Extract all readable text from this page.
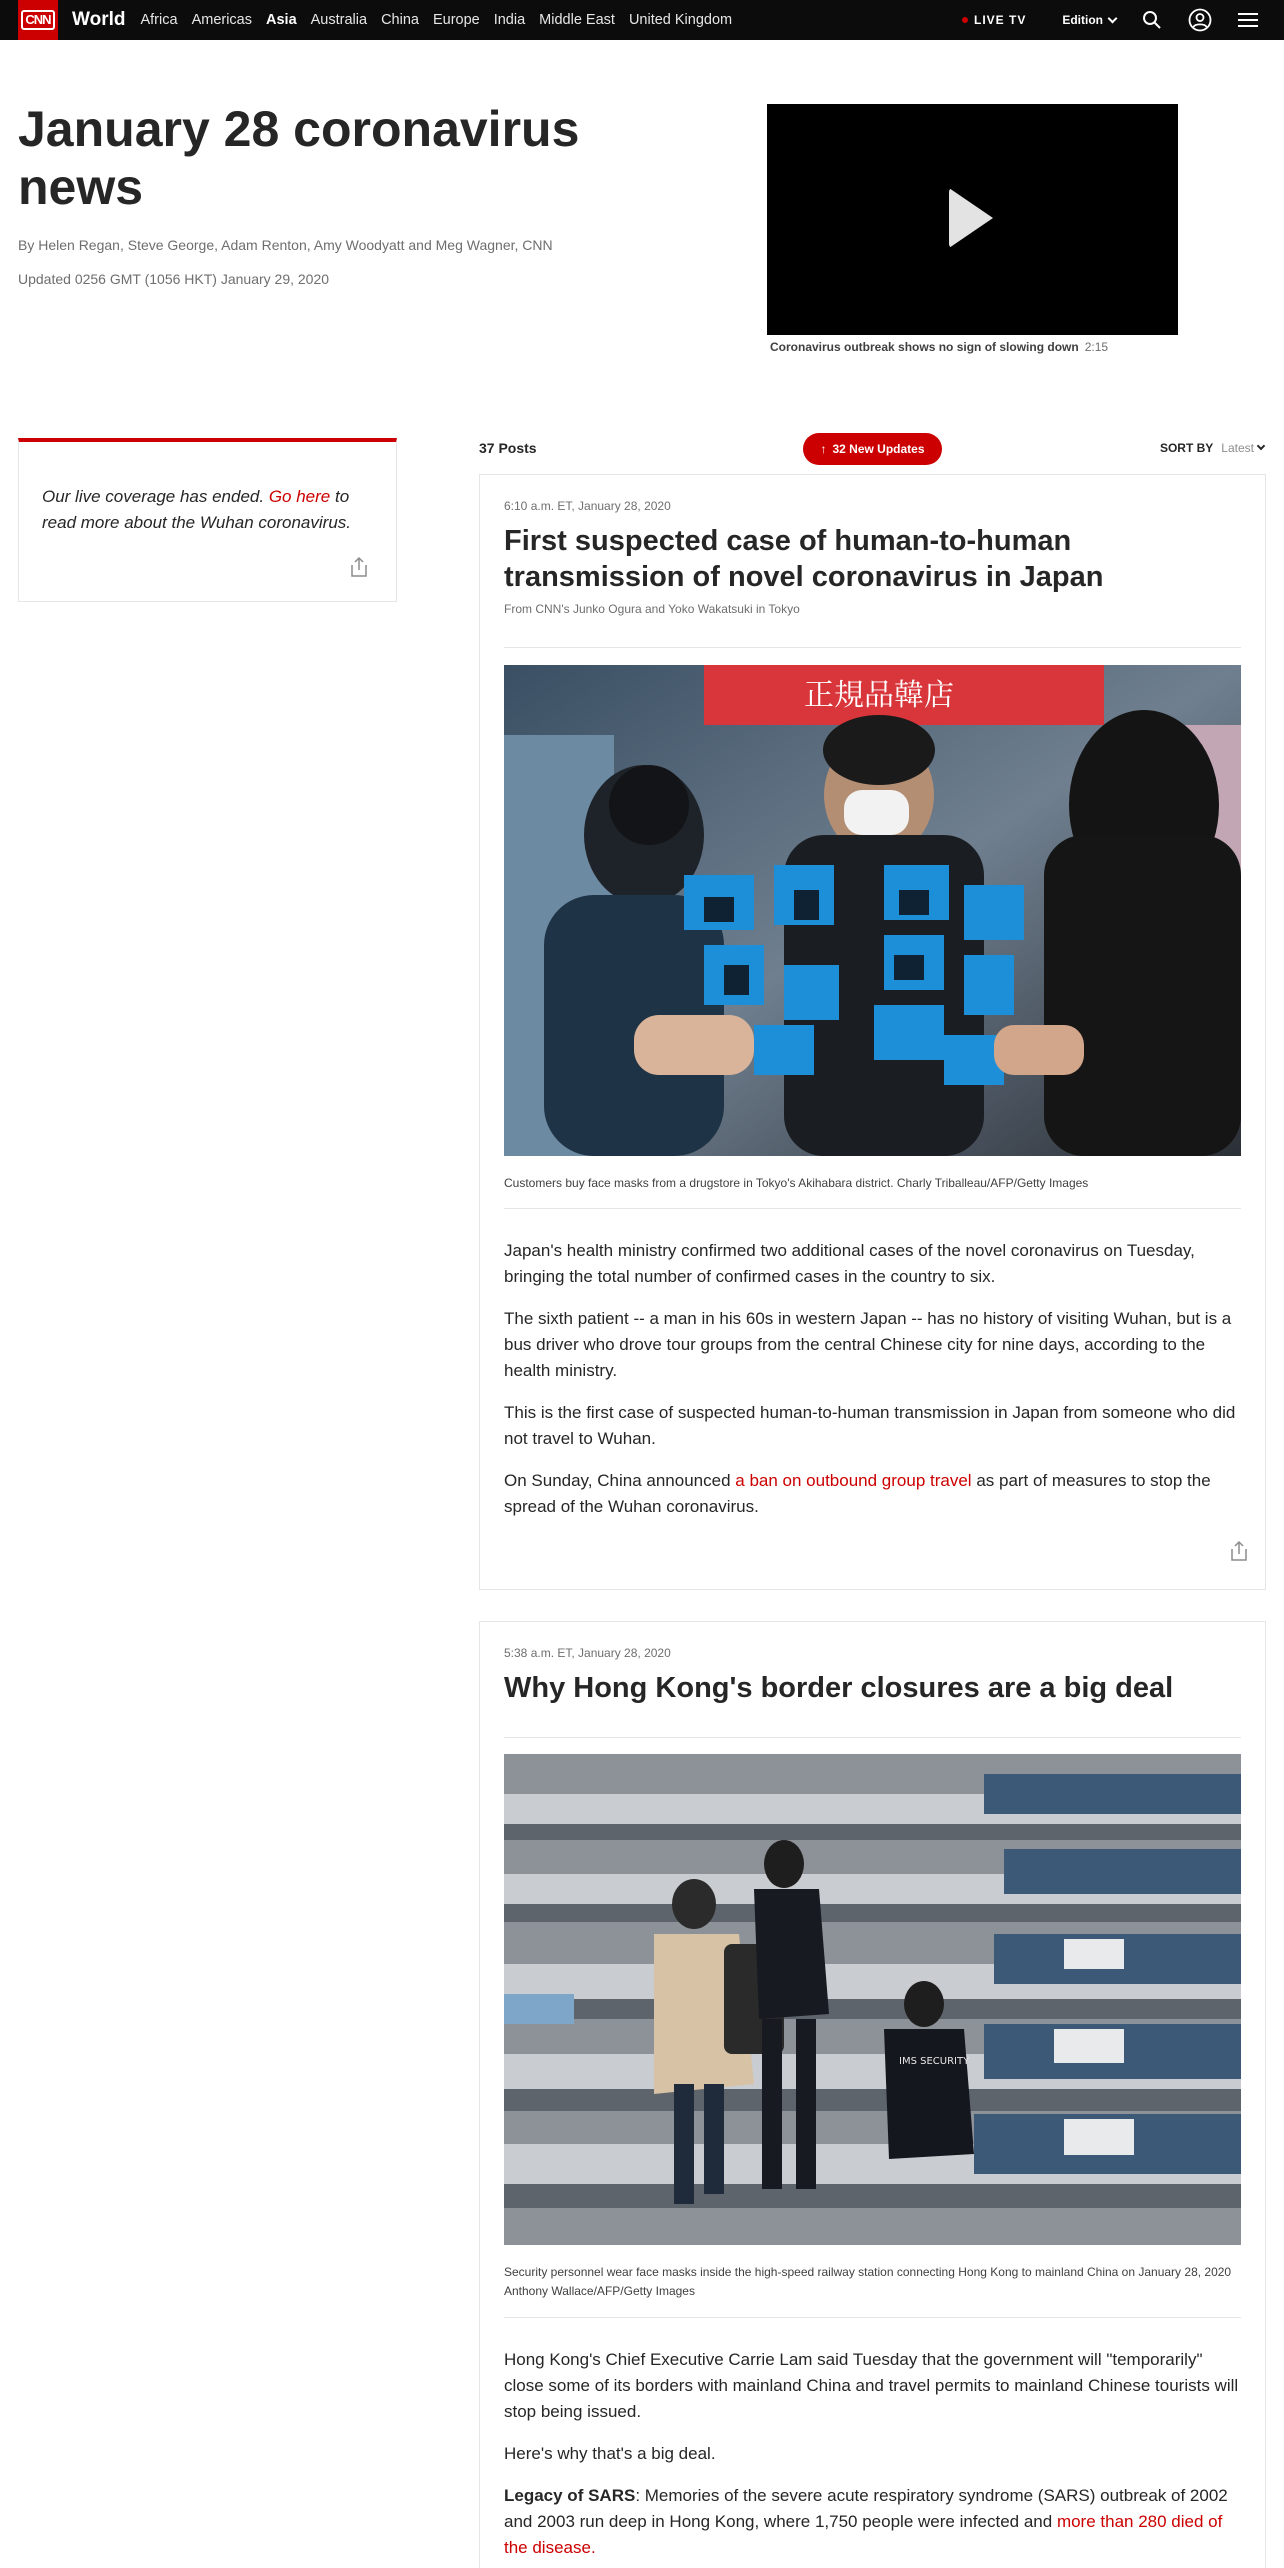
CNN World Africa Americas Asia Australia China Europe India Middle East United Kingdom	LIVE TV	Edition
January 28 coronavirus news
By Helen Regan, Steve George, Adam Renton, Amy Woodyatt and Meg Wagner, CNN
Updated 0256 GMT (1056 HKT) January 29, 2020
Coronavirus outbreak shows no sign of slowing down 2:15
Our live coverage has ended. Go here to read more about the Wuhan coronavirus.
37 Posts	↑ 32 New Updates	SORT BY Latest
6:10 a.m. ET, January 28, 2020
First suspected case of human-to-human transmission of novel coronavirus in Japan
From CNN's Junko Ogura and Yoko Wakatsuki in Tokyo
正規品韓店
Customers buy face masks from a drugstore in Tokyo's Akihabara district. Charly Triballeau/AFP/Getty Images

Japan's health ministry confirmed two additional cases of the novel coronavirus on Tuesday, bringing the total number of confirmed cases in the country to six.

The sixth patient -- a man in his 60s in western Japan -- has no history of visiting Wuhan, but is a bus driver who drove tour groups from the central Chinese city for nine days, according to the health ministry.

This is the first case of suspected human-to-human transmission in Japan from someone who did not travel to Wuhan.

On Sunday, China announced a ban on outbound group travel as part of measures to stop the spread of the Wuhan coronavirus.

5:38 a.m. ET, January 28, 2020
Why Hong Kong's border closures are a big deal
IMS SECURITY
Security personnel wear face masks inside the high-speed railway station connecting Hong Kong to mainland China on January 28, 2020 Anthony Wallace/AFP/Getty Images

Hong Kong's Chief Executive Carrie Lam said Tuesday that the government will "temporarily" close some of its borders with mainland China and travel permits to mainland Chinese tourists will stop being issued.

Here's why that's a big deal.

Legacy of SARS: Memories of the severe acute respiratory syndrome (SARS) outbreak of 2002 and 2003 run deep in Hong Kong, where 1,750 people were infected and more than 280 died of the disease.
